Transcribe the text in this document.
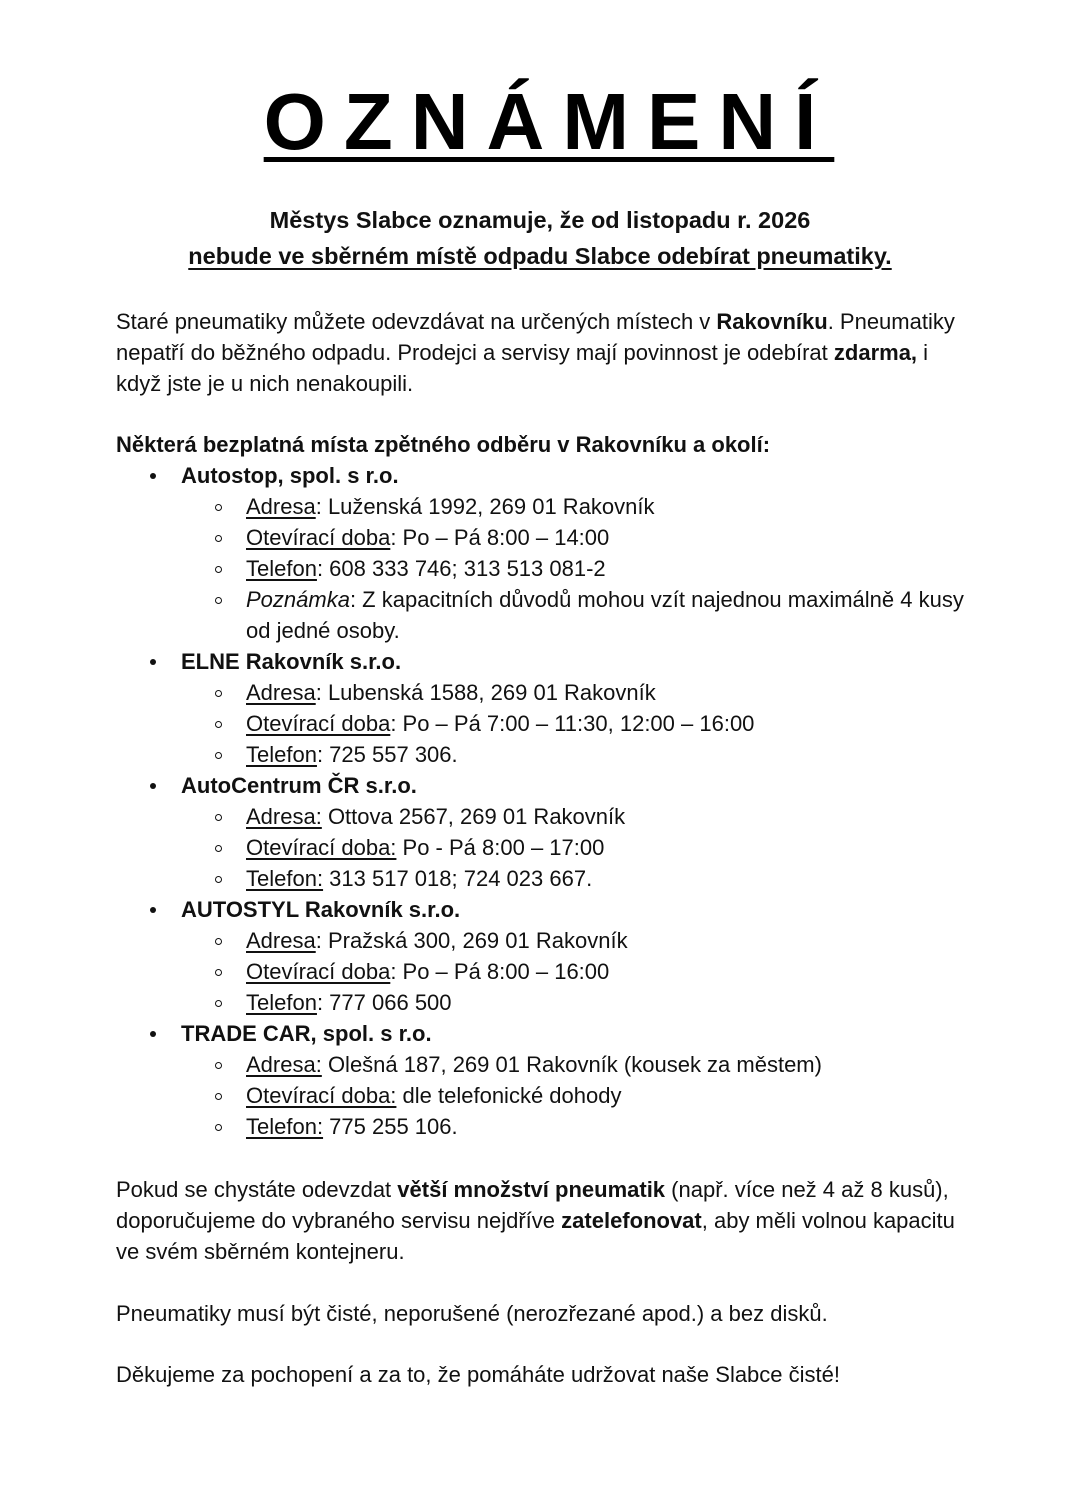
OZNÁMENÍ
Městys Slabce oznamuje, že od listopadu r. 2026
nebude ve sběrném místě odpadu Slabce odebírat pneumatiky.
Staré pneumatiky můžete odevzdávat na určených místech v Rakovníku. Pneumatiky nepatří do běžného odpadu. Prodejci a servisy mají povinnost je odebírat zdarma, i když jste je u nich nenakoupili.
Některá bezplatná místa zpětného odběru v Rakovníku a okolí:
Autostop, spol. s r.o.
Adresa: Luženská 1992, 269 01 Rakovník
Otevírací doba: Po – Pá 8:00 – 14:00
Telefon: 608 333 746; 313 513 081-2
Poznámka: Z kapacitních důvodů mohou vzít najednou maximálně 4 kusy od jedné osoby.
ELNE Rakovník s.r.o.
Adresa: Lubenská 1588, 269 01 Rakovník
Otevírací doba: Po – Pá 7:00 – 11:30, 12:00 – 16:00
Telefon: 725 557 306.
AutoCentrum ČR s.r.o.
Adresa: Ottova 2567, 269 01 Rakovník
Otevírací doba: Po - Pá 8:00 – 17:00
Telefon: 313 517 018; 724 023 667.
AUTOSTYL Rakovník s.r.o.
Adresa: Pražská 300, 269 01 Rakovník
Otevírací doba: Po – Pá 8:00 – 16:00
Telefon: 777 066 500
TRADE CAR, spol. s r.o.
Adresa: Olešná 187, 269 01 Rakovník (kousek za městem)
Otevírací doba: dle telefonické dohody
Telefon: 775 255 106.
Pokud se chystáte odevzdat větší množství pneumatik (např. více než 4 až 8 kusů), doporučujeme do vybraného servisu nejdříve zatelefonovat, aby měli volnou kapacitu ve svém sběrném kontejneru.
Pneumatiky musí být čisté, neporušené (nerozřezané apod.) a bez disků.
Děkujeme za pochopení a za to, že pomáháte udržovat naše Slabce čisté!
